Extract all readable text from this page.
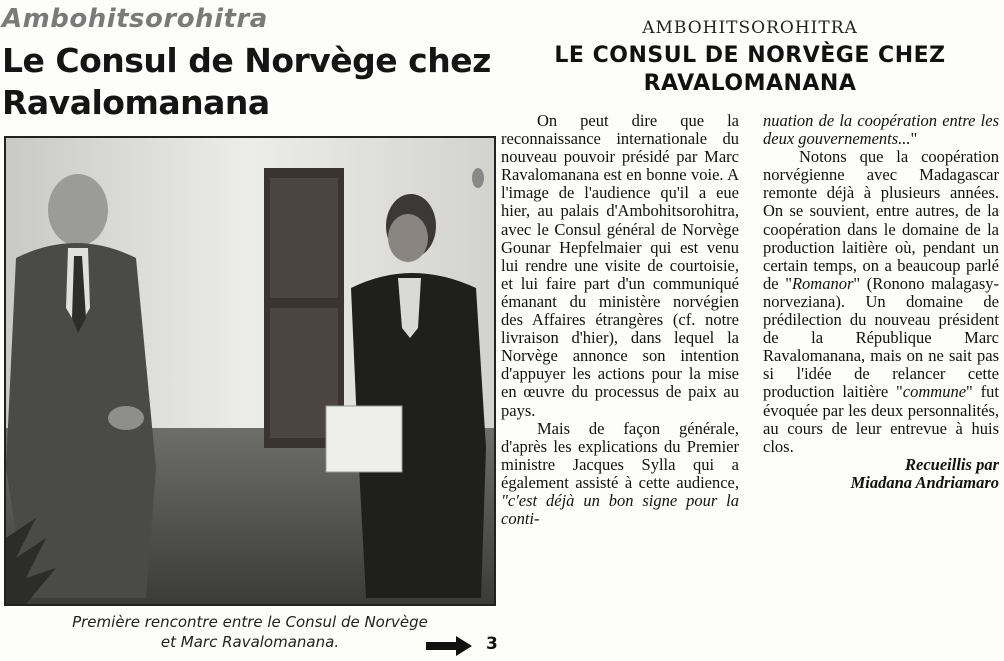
Ambohitsorohitra
Le Consul de Norvège chez
Ravalomanana
Première rencontre entre le Consul de Norvège
et Marc Ravalomanana.	3
AMBOHITSOROHITRA
LE CONSUL DE NORVÈGE CHEZ
RAVALOMANANA

On peut dire que la reconnaissance internationale du nouveau pouvoir présidé par Marc Ravalomanana est en bonne voie. A l'image de l'audience qu'il a eue hier, au palais d'Ambohitsorohitra, avec le Consul général de Norvège Gounar Hepfelmaier qui est venu lui rendre une visite de courtoisie, et lui faire part d'un communiqué émanant du ministère norvégien des Affaires étrangères (cf. notre livraison d'hier), dans lequel la Norvège annonce son intention d'appuyer les actions pour la mise en œuvre du processus de paix au pays.

Mais de façon générale, d'après les explications du Premier ministre Jacques Sylla qui a également assisté à cette audience, "c'est déjà un bon signe pour la conti-

nuation de la coopération entre les deux gouvernements..."

Notons que la coopération norvégienne avec Madagascar remonte déjà à plusieurs années. On se souvient, entre autres, de la coopération dans le domaine de la production laitière où, pendant un certain temps, on a beaucoup parlé de "Romanor" (Ronono malagasy-norveziana). Un domaine de prédilection du nouveau président de la République Marc Ravalomanana, mais on ne sait pas si l'idée de relancer cette production laitière "commune" fut évoquée par les deux personnalités, au cours de leur entrevue à huis clos.

Recueillis par

Miadana Andriamaro
